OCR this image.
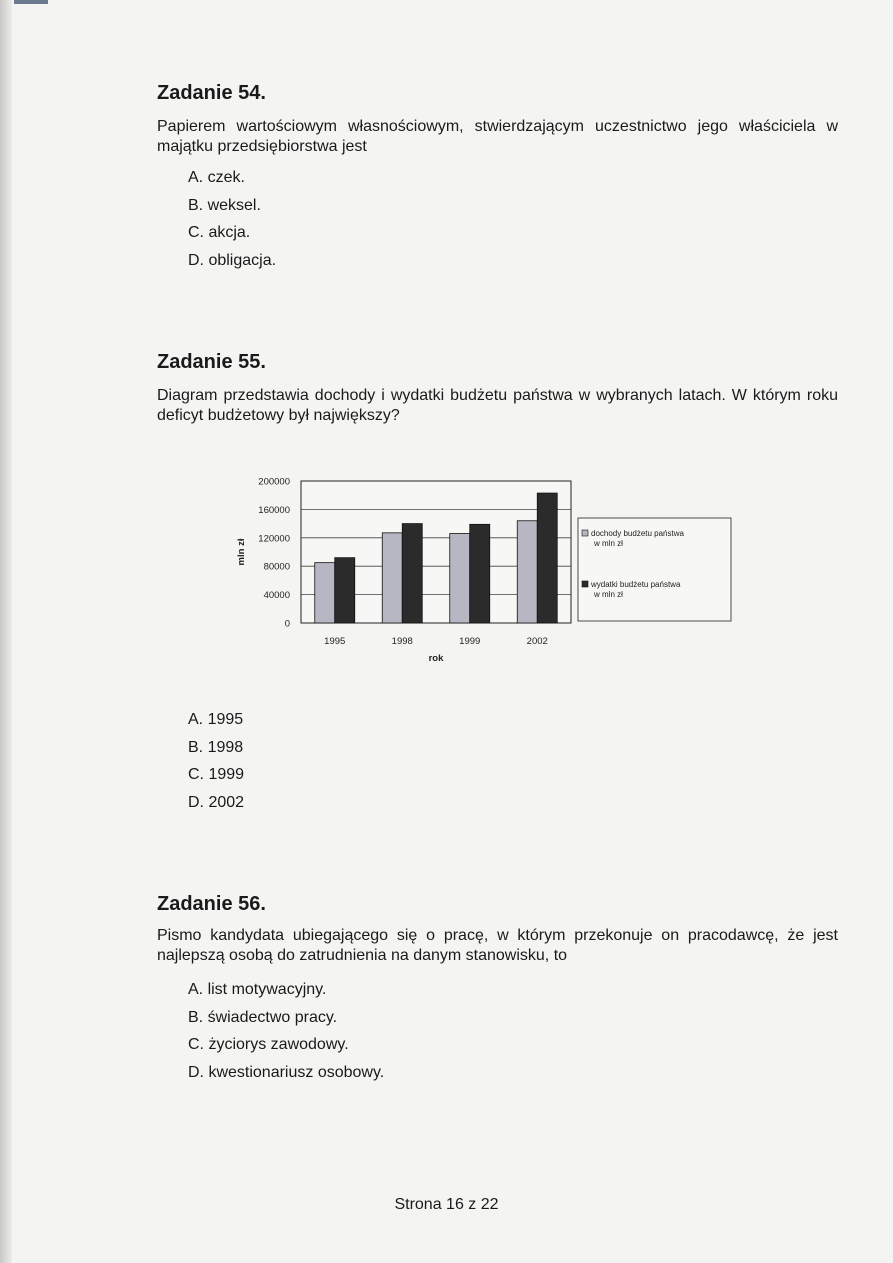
Zadanie 54.

Papierem wartościowym własnościowym, stwierdzającym uczestnictwo jego właściciela w majątku przedsiębiorstwa jest

A. czek.
B. weksel.
C. akcja.
D. obligacja.
Zadanie 55.

Diagram przedstawia dochody i wydatki budżetu państwa w wybranych latach. W którym roku deficyt budżetowy był największy?

200000
160000
120000
80000
40000
0
mln zł
1995	1998	1999	2002
rok
dochody budżetu państwa w mln zł
wydatki budżetu państwa w mln zł
A. 1995
B. 1998
C. 1999
D. 2002
Zadanie 56.

Pismo kandydata ubiegającego się o pracę, w którym przekonuje on pracodawcę, że jest najlepszą osobą do zatrudnienia na danym stanowisku, to

A. list motywacyjny.
B. świadectwo pracy.
C. życiorys zawodowy.
D. kwestionariusz osobowy.
Strona 16 z 22
